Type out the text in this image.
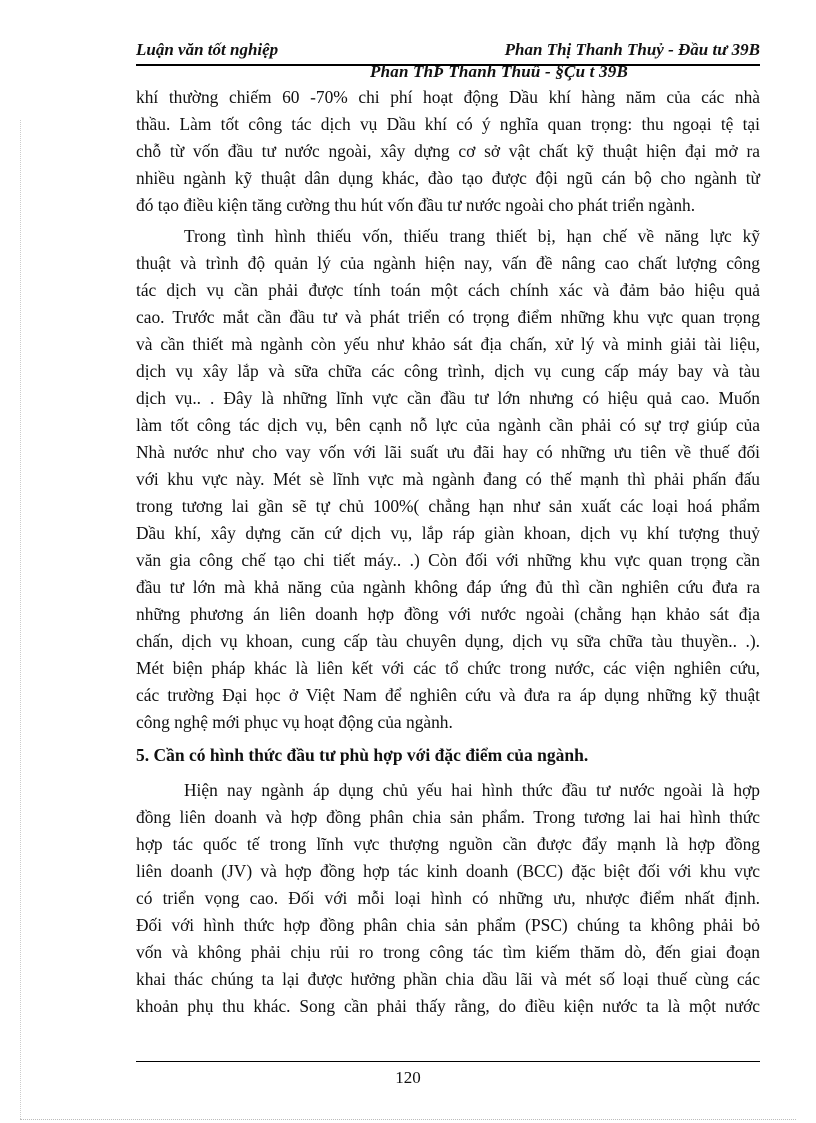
Luận văn tốt nghiệp	Phan Thị Thanh Thuỷ - Đầu tư 39B
Phan ThÞ Thanh Thuû - §Çu t 39B
khí thường chiếm 60 -70% chi phí hoạt động Dầu khí hàng năm của các nhà
thầu. Làm tốt công tác dịch vụ Dầu khí có ý nghĩa quan trọng: thu ngoại tệ tại
chỗ từ vốn đầu tư nước ngoài, xây dựng cơ sở vật chất kỹ thuật hiện đại mở ra
nhiều ngành kỹ thuật dân dụng khác, đào tạo được đội ngũ cán bộ cho ngành từ
đó tạo điều kiện tăng cường thu hút vốn đầu tư nước ngoài cho phát triển ngành.
Trong tình hình thiếu vốn, thiếu trang thiết bị, hạn chế về năng lực kỹ
thuật và trình độ quản lý của ngành hiện nay, vấn đề nâng cao chất lượng công
tác dịch vụ cần phải được tính toán một cách chính xác và đảm bảo hiệu quả
cao. Trước mắt cần đầu tư và phát triển có trọng điểm những khu vực quan trọng
và cần thiết mà ngành còn yếu như khảo sát địa chấn, xử lý và minh giải tài liệu,
dịch vụ xây lắp và sữa chữa các công trình, dịch vụ cung cấp máy bay và tàu
dịch vụ.. . Đây là những lĩnh vực cần đầu tư lớn nhưng có hiệu quả cao. Muốn
làm tốt công tác dịch vụ, bên cạnh nỗ lực của ngành cần phải có sự trợ giúp của
Nhà nước như cho vay vốn với lãi suất ưu đãi hay có những ưu tiên về thuế đối
với khu vực này. Mét sè lĩnh vực mà ngành đang có thế mạnh thì phải phấn đấu
trong tương lai gần sẽ tự chủ 100%( chẳng hạn như sản xuất các loại hoá phẩm
Dầu khí, xây dựng căn cứ dịch vụ, lắp ráp giàn khoan, dịch vụ khí tượng thuỷ
văn gia công chế tạo chi tiết máy.. .) Còn đối với những khu vực quan trọng cần
đầu tư lớn mà khả năng của ngành không đáp ứng đủ thì cần nghiên cứu đưa ra
những phương án liên doanh hợp đồng với nước ngoài (chẳng hạn khảo sát địa
chấn, dịch vụ khoan, cung cấp tàu chuyên dụng, dịch vụ sữa chữa tàu thuyền.. .).
Mét biện pháp khác là liên kết với các tổ chức trong nước, các viện nghiên cứu,
các trường Đại học ở Việt Nam để nghiên cứu và đưa ra áp dụng những kỹ thuật
công nghệ mới phục vụ hoạt động của ngành.
5. Cần có hình thức đầu tư phù hợp với đặc điểm của ngành.
Hiện nay ngành áp dụng chủ yếu hai hình thức đầu tư nước ngoài là hợp
đồng liên doanh và hợp đồng phân chia sản phẩm. Trong tương lai hai hình thức
hợp tác quốc tế trong lĩnh vực thượng nguồn cần được đẩy mạnh là hợp đồng
liên doanh (JV) và hợp đồng hợp tác kinh doanh (BCC) đặc biệt đối với khu vực
có triển vọng cao. Đối với mỗi loại hình có những ưu, nhược điểm nhất định.
Đối với hình thức hợp đồng phân chia sản phẩm (PSC) chúng ta không phải bỏ
vốn và không phải chịu rủi ro trong công tác tìm kiếm thăm dò, đến giai đoạn
khai thác chúng ta lại được hưởng phần chia dầu lãi và mét số loại thuế cùng các
khoản phụ thu khác. Song cần phải thấy rằng, do điều kiện nước ta là một nước
120
